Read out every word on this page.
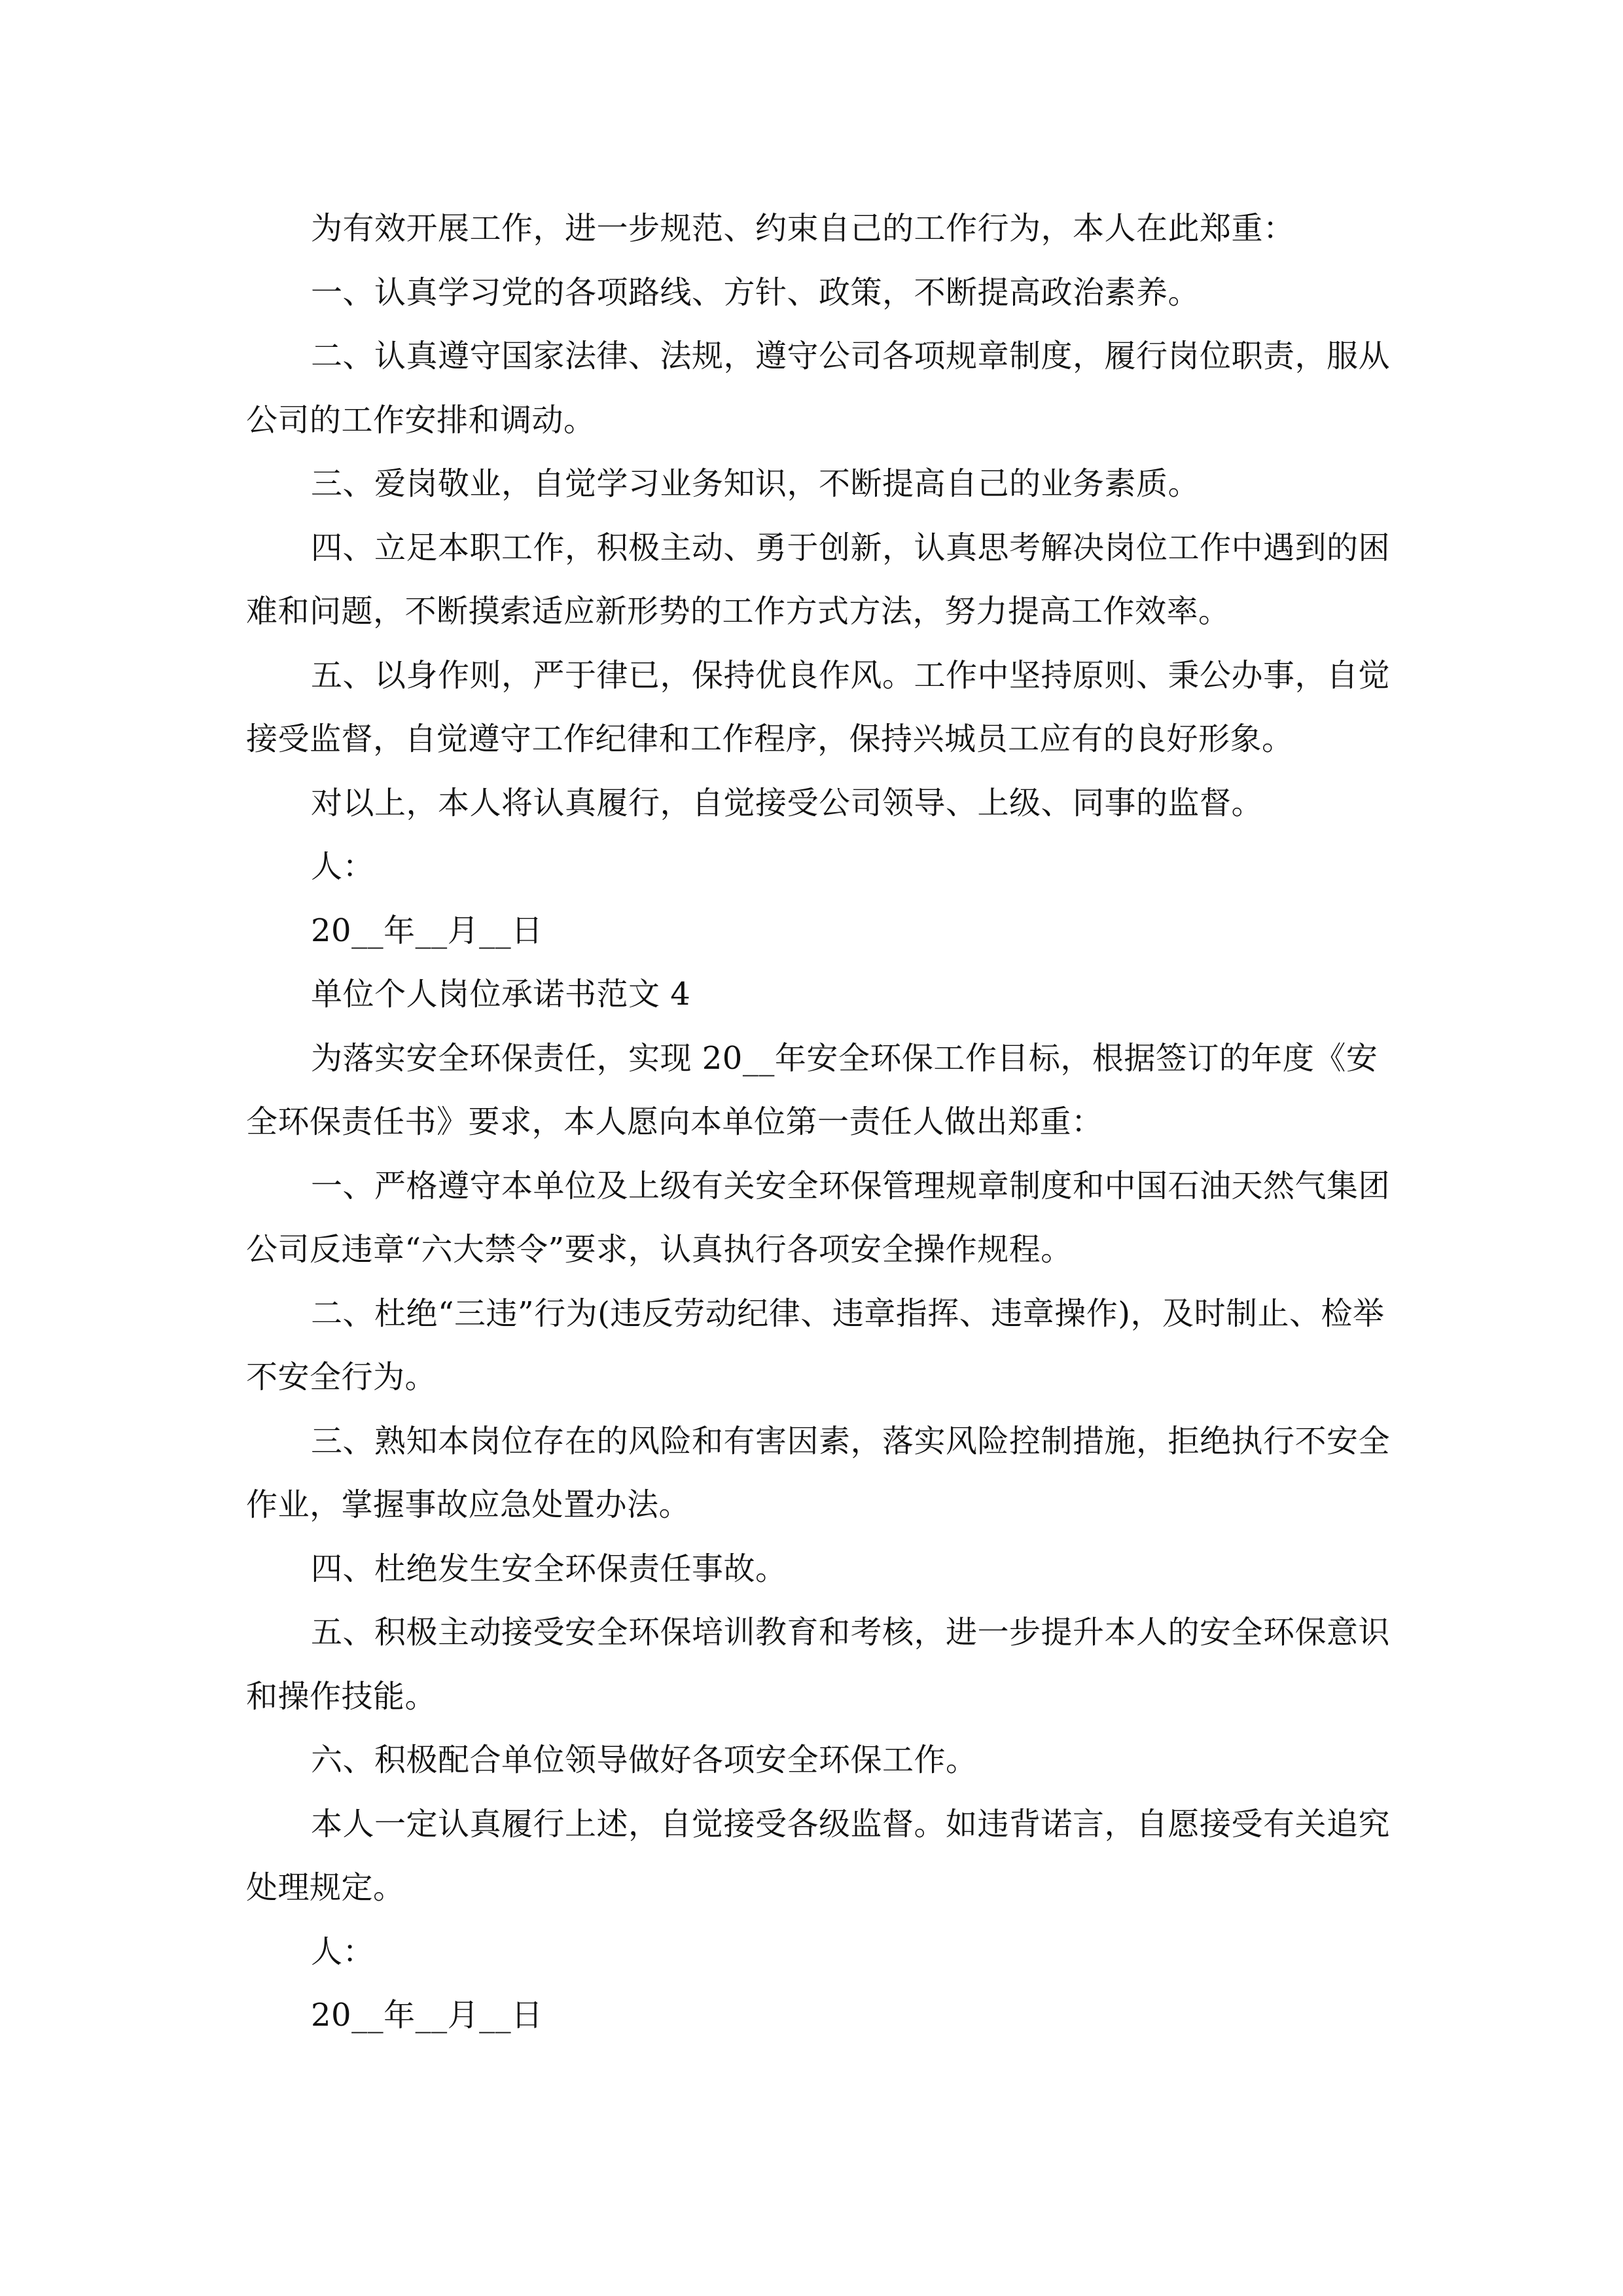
为有效开展工作，进一步规范、约束自己的工作行为，本人在此郑重：

一、认真学习党的各项路线、方针、政策，不断提高政治素养。

二、认真遵守国家法律、法规，遵守公司各项规章制度，履行岗位职责，服从公司的工作安排和调动。

三、爱岗敬业，自觉学习业务知识，不断提高自己的业务素质。

四、立足本职工作，积极主动、勇于创新，认真思考解决岗位工作中遇到的困难和问题，不断摸索适应新形势的工作方式方法，努力提高工作效率。

五、以身作则，严于律已，保持优良作风。工作中坚持原则、秉公办事，自觉接受监督，自觉遵守工作纪律和工作程序，保持兴城员工应有的良好形象。

对以上，本人将认真履行，自觉接受公司领导、上级、同事的监督。

人：

20__年__月__日

单位个人岗位承诺书范文 4

为落实安全环保责任，实现 20__年安全环保工作目标，根据签订的年度《安全环保责任书》要求，本人愿向本单位第一责任人做出郑重：

一、严格遵守本单位及上级有关安全环保管理规章制度和中国石油天然气集团公司反违章“六大禁令”要求，认真执行各项安全操作规程。

二、杜绝“三违”行为(违反劳动纪律、违章指挥、违章操作)，及时制止、检举不安全行为。

三、熟知本岗位存在的风险和有害因素，落实风险控制措施，拒绝执行不安全作业，掌握事故应急处置办法。

四、杜绝发生安全环保责任事故。

五、积极主动接受安全环保培训教育和考核，进一步提升本人的安全环保意识和操作技能。

六、积极配合单位领导做好各项安全环保工作。

本人一定认真履行上述，自觉接受各级监督。如违背诺言，自愿接受有关追究处理规定。

人：

20__年__月__日
